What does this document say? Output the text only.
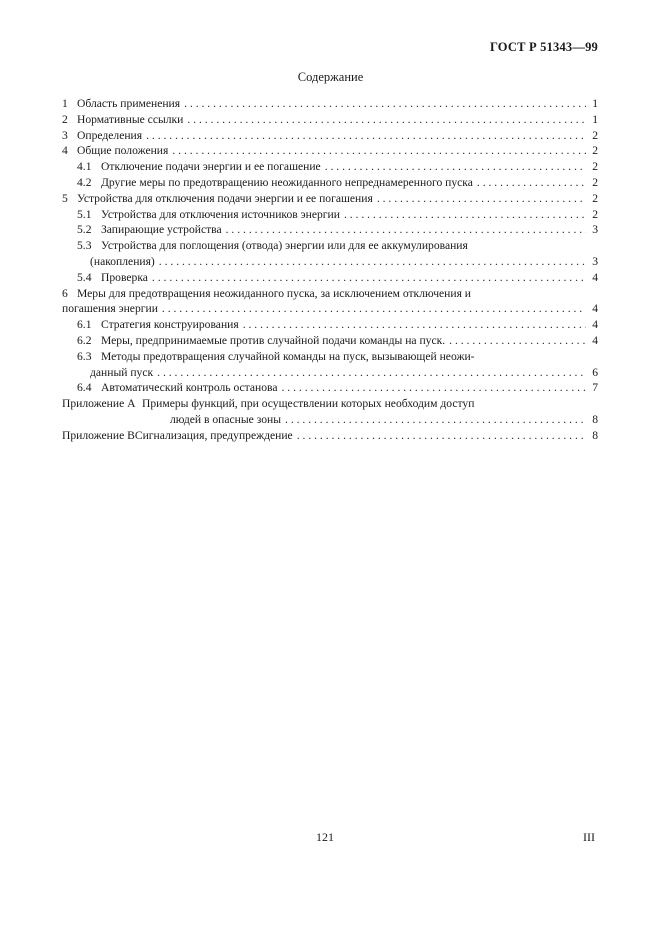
ГОСТ Р 51343—99
Содержание
1 Область применения . . .	1
2 Нормативные ссылки . . .	1
3 Определения . . .	2
4 Общие положения . . .	2
4.1 Отключение подачи энергии и ее погашение . . .	2
4.2 Другие меры по предотвращению неожиданного непреднамеренного пуска . . .	2
5 Устройства для отключения подачи энергии и ее погашения . . .	2
5.1 Устройства для отключения источников энергии . . .	2
5.2 Запирающие устройства . . .	3
5.3 Устройства для поглощения (отвода) энергии или для ее аккумулирования
(накопления) . . .	3
5.4 Проверка . . .	4
6 Меры для предотвращения неожиданного пуска, за исключением отключения и
погашения энергии . . .	4
6.1 Стратегия конструирования . . .	4
6.2 Меры, предпринимаемые против случайной подачи команды на пуск. . . .	4
6.3 Методы предотвращения случайной команды на пуск, вызывающей неожи-
данный пуск . . .	6
6.4 Автоматический контроль останова . . .	7
Приложение А Примеры функций, при осуществлении которых необходим доступ
людей в опасные зоны . . .	8
Приложение В Сигнализация, предупреждение . . .	8
121	III
